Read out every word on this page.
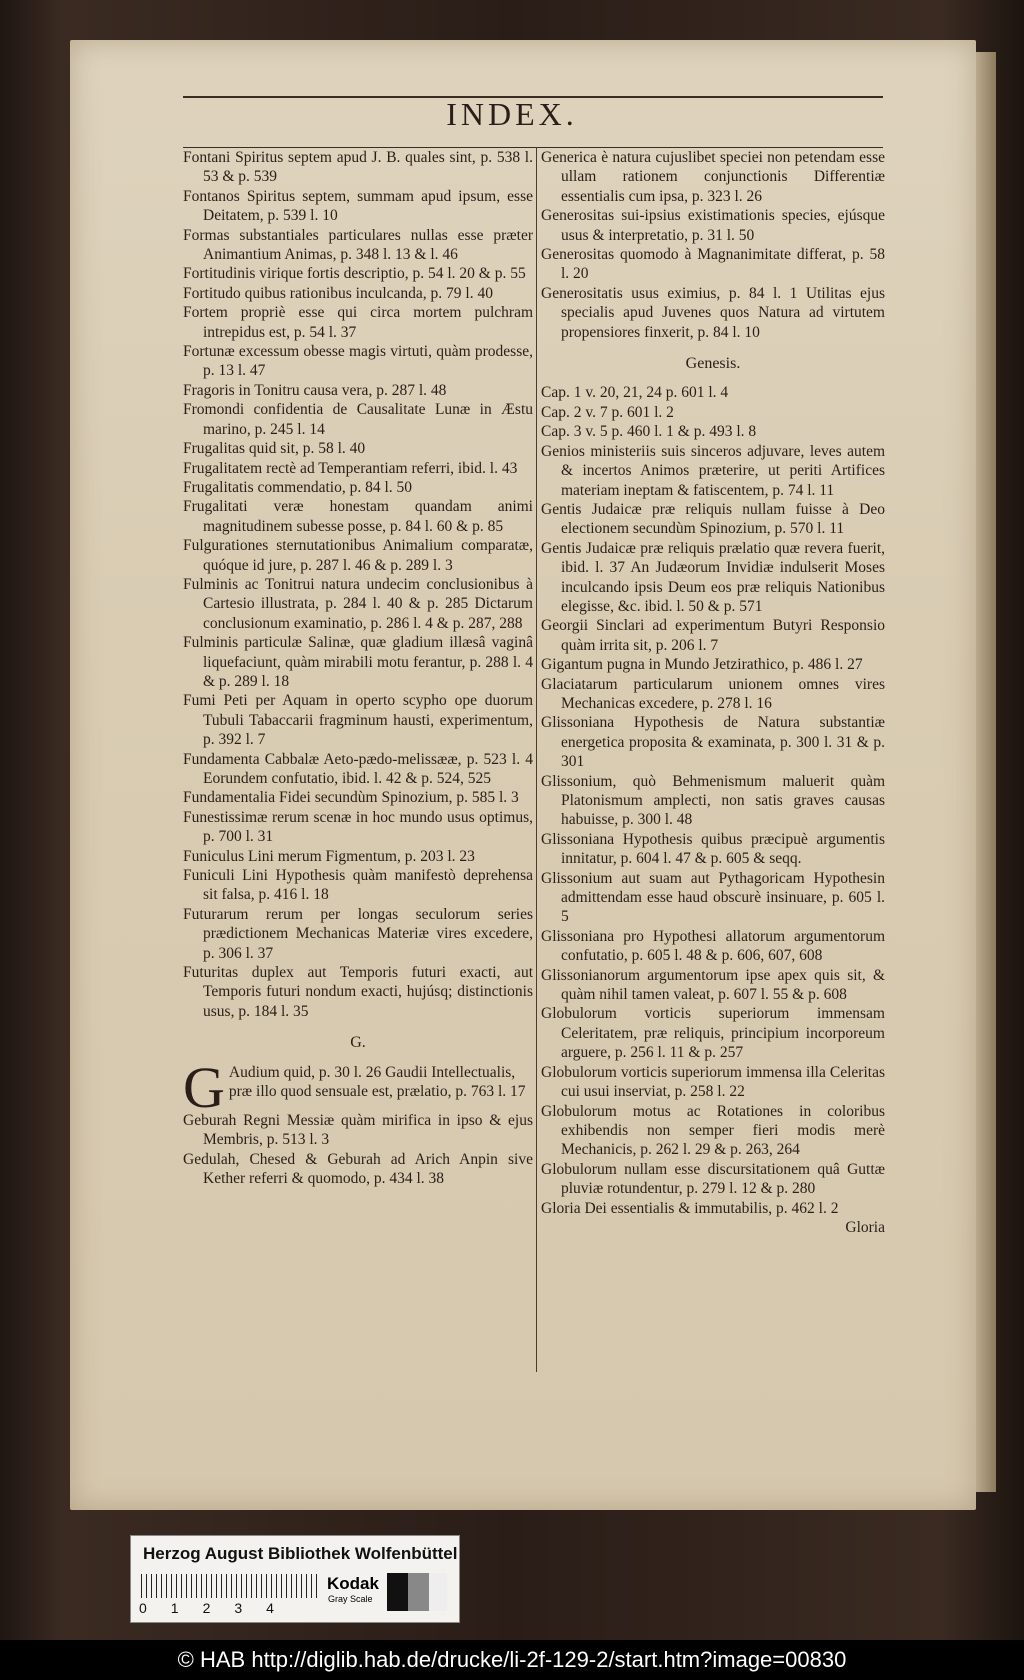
INDEX.

Fontani Spiritus septem apud J. B. quales sint, p. 538 l. 53 & p. 539

Fontanos Spiritus septem, summam apud ipsum, esse Deitatem, p. 539 l. 10

Formas substantiales particulares nullas esse præter Animantium Animas, p. 348 l. 13 & l. 46

Fortitudinis virique fortis descriptio, p. 54 l. 20 & p. 55

Fortitudo quibus rationibus inculcanda, p. 79 l. 40

Fortem propriè esse qui circa mortem pulchram intrepidus est, p. 54 l. 37

Fortunæ excessum obesse magis virtuti, quàm prodesse, p. 13 l. 47

Fragoris in Tonitru causa vera, p. 287 l. 48

Fromondi confidentia de Causalitate Lunæ in Æstu marino, p. 245 l. 14

Frugalitas quid sit, p. 58 l. 40

Frugalitatem rectè ad Temperantiam referri, ibid. l. 43

Frugalitatis commendatio, p. 84 l. 50

Frugalitati veræ honestam quandam animi magnitudinem subesse posse, p. 84 l. 60 & p. 85

Fulgurationes sternutationibus Animalium comparatæ, quóque id jure, p. 287 l. 46 & p. 289 l. 3

Fulminis ac Tonitrui natura undecim conclusionibus à Cartesio illustrata, p. 284 l. 40 & p. 285 Dictarum conclusionum examinatio, p. 286 l. 4 & p. 287, 288

Fulminis particulæ Salinæ, quæ gladium illæsâ vaginâ liquefaciunt, quàm mirabili motu ferantur, p. 288 l. 4 & p. 289 l. 18

Fumi Peti per Aquam in operto scypho ope duorum Tubuli Tabaccarii fragminum hausti, experimentum, p. 392 l. 7

Fundamenta Cabbalæ Aeto-pædo-melissææ, p. 523 l. 4 Eorundem confutatio, ibid. l. 42 & p. 524, 525

Fundamentalia Fidei secundùm Spinozium, p. 585 l. 3

Funestissimæ rerum scenæ in hoc mundo usus optimus, p. 700 l. 31

Funiculus Lini merum Figmentum, p. 203 l. 23

Funiculi Lini Hypothesis quàm manifestò deprehensa sit falsa, p. 416 l. 18

Futurarum rerum per longas seculorum series prædictionem Mechanicas Materiæ vires excedere, p. 306 l. 37

Futuritas duplex aut Temporis futuri exacti, aut Temporis futuri nondum exacti, hujúsq; distinctionis usus, p. 184 l. 35

G.

G Audium quid, p. 30 l. 26 Gaudii Intellectualis, præ illo quod sensuale est, prælatio, p. 763 l. 17

Geburah Regni Messiæ quàm mirifica in ipso & ejus Membris, p. 513 l. 3

Gedulah, Chesed & Geburah ad Arich Anpin sive Kether referri & quomodo, p. 434 l. 38

Generica è natura cujuslibet speciei non petendam esse ullam rationem conjunctionis Differentiæ essentialis cum ipsa, p. 323 l. 26

Generositas sui-ipsius existimationis species, ejúsque usus & interpretatio, p. 31 l. 50

Generositas quomodo à Magnanimitate differat, p. 58 l. 20

Generositatis usus eximius, p. 84 l. 1 Utilitas ejus specialis apud Juvenes quos Natura ad virtutem propensiores finxerit, p. 84 l. 10

Genesis.

Cap. 1 v. 20, 21, 24 p. 601 l. 4

Cap. 2 v. 7 p. 601 l. 2

Cap. 3 v. 5 p. 460 l. 1 & p. 493 l. 8

Genios ministeriis suis sinceros adjuvare, leves autem & incertos Animos præterire, ut periti Artifices materiam ineptam & fatiscentem, p. 74 l. 11

Gentis Judaicæ præ reliquis nullam fuisse à Deo electionem secundùm Spinozium, p. 570 l. 11

Gentis Judaicæ præ reliquis prælatio quæ revera fuerit, ibid. l. 37 An Judæorum Invidiæ indulserit Moses inculcando ipsis Deum eos præ reliquis Nationibus elegisse, &c. ibid. l. 50 & p. 571

Georgii Sinclari ad experimentum Butyri Responsio quàm irrita sit, p. 206 l. 7

Gigantum pugna in Mundo Jetzirathico, p. 486 l. 27

Glaciatarum particularum unionem omnes vires Mechanicas excedere, p. 278 l. 16

Glissoniana Hypothesis de Natura substantiæ energetica proposita & examinata, p. 300 l. 31 & p. 301

Glissonium, quò Behmenismum maluerit quàm Platonismum amplecti, non satis graves causas habuisse, p. 300 l. 48

Glissoniana Hypothesis quibus præcipuè argumentis innitatur, p. 604 l. 47 & p. 605 & seqq.

Glissonium aut suam aut Pythagoricam Hypothesin admittendam esse haud obscurè insinuare, p. 605 l. 5

Glissoniana pro Hypothesi allatorum argumentorum confutatio, p. 605 l. 48 & p. 606, 607, 608

Glissonianorum argumentorum ipse apex quis sit, & quàm nihil tamen valeat, p. 607 l. 55 & p. 608

Globulorum vorticis superiorum immensam Celeritatem, præ reliquis, principium incorporeum arguere, p. 256 l. 11 & p. 257

Globulorum vorticis superiorum immensa illa Celeritas cui usui inserviat, p. 258 l. 22

Globulorum motus ac Rotationes in coloribus exhibendis non semper fieri modis merè Mechanicis, p. 262 l. 29 & p. 263, 264

Globulorum nullam esse discursitationem quâ Guttæ pluviæ rotundentur, p. 279 l. 12 & p. 280

Gloria Dei essentialis & immutabilis, p. 462 l. 2

Gloria

Herzog August Bibliothek Wolfenbüttel
01234
Kodak
Gray Scale
© HAB http://diglib.hab.de/drucke/li-2f-129-2/start.htm?image=00830
